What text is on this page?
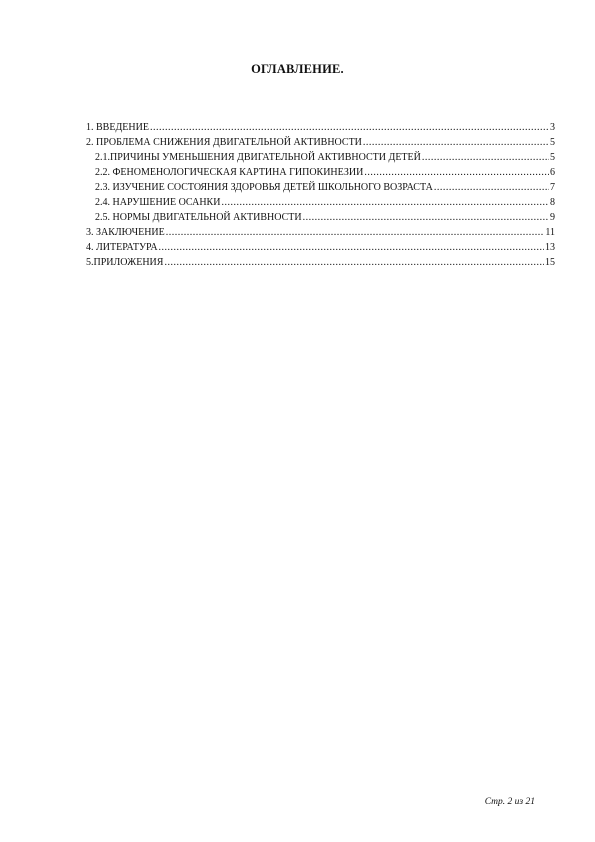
ОГЛАВЛЕНИЕ.
1. ВВЕДЕНИЕ .....	3
2. ПРОБЛЕМА СНИЖЕНИЯ ДВИГАТЕЛЬНОЙ АКТИВНОСТИ .....	5
2.1.ПРИЧИНЫ УМЕНЬШЕНИЯ ДВИГАТЕЛЬНОЙ АКТИВНОСТИ ДЕТЕЙ .....	5
2.2. ФЕНОМЕНОЛОГИЧЕСКАЯ КАРТИНА ГИПОКИНЕЗИИ .....	6
2.3. ИЗУЧЕНИЕ СОСТОЯНИЯ ЗДОРОВЬЯ ДЕТЕЙ ШКОЛЬНОГО ВОЗРАСТА .....	7
2.4. НАРУШЕНИЕ ОСАНКИ .....	8
2.5. НОРМЫ ДВИГАТЕЛЬНОЙ АКТИВНОСТИ .....	9
3. ЗАКЛЮЧЕНИЕ .....	11
4. ЛИТЕРАТУРА .....	13
5.ПРИЛОЖЕНИЯ .....	15
Стр. 2 из 21
